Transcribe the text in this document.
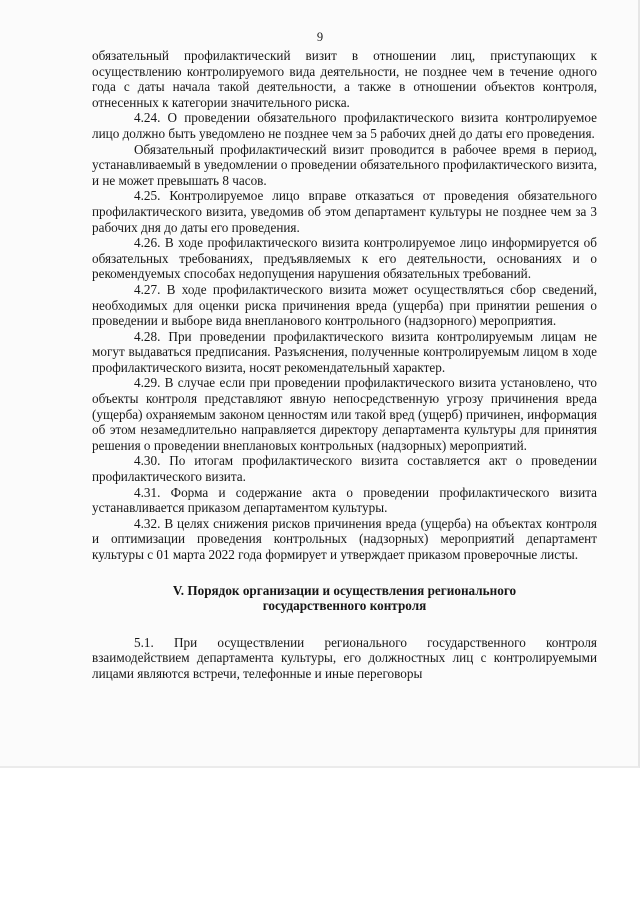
9

обязательный профилактический визит в отношении лиц, приступающих к осуществлению контролируемого вида деятельности, не позднее чем в течение одного года с даты начала такой деятельности, а также в отношении объектов контроля, отнесенных к категории значительного риска.

4.24. О проведении обязательного профилактического визита контролируемое лицо должно быть уведомлено не позднее чем за 5 рабочих дней до даты его проведения.

Обязательный профилактический визит проводится в рабочее время в период, устанавливаемый в уведомлении о проведении обязательного профилактического визита, и не может превышать 8 часов.

4.25. Контролируемое лицо вправе отказаться от проведения обязательного профилактического визита, уведомив об этом департамент культуры не позднее чем за 3 рабочих дня до даты его проведения.

4.26. В ходе профилактического визита контролируемое лицо информируется об обязательных требованиях, предъявляемых к его деятельности, основаниях и о рекомендуемых способах недопущения нарушения обязательных требований.

4.27. В ходе профилактического визита может осуществляться сбор сведений, необходимых для оценки риска причинения вреда (ущерба) при принятии решения о проведении и выборе вида внепланового контрольного (надзорного) мероприятия.

4.28. При проведении профилактического визита контролируемым лицам не могут выдаваться предписания. Разъяснения, полученные контролируемым лицом в ходе профилактического визита, носят рекомендательный характер.

4.29. В случае если при проведении профилактического визита установлено, что объекты контроля представляют явную непосредственную угрозу причинения вреда (ущерба) охраняемым законом ценностям или такой вред (ущерб) причинен, информация об этом незамедлительно направляется директору департамента культуры для принятия решения о проведении внеплановых контрольных (надзорных) мероприятий.

4.30. По итогам профилактического визита составляется акт о проведении профилактического визита.

4.31. Форма и содержание акта о проведении профилактического визита устанавливается приказом департаментом культуры.

4.32. В целях снижения рисков причинения вреда (ущерба) на объектах контроля и оптимизации проведения контрольных (надзорных) мероприятий департамент культуры с 01 марта 2022 года формирует и утверждает приказом проверочные листы.

V. Порядок организации и осуществления регионального
государственного контроля

5.1. При осуществлении регионального государственного контроля взаимодействием департамента культуры, его должностных лиц с контролируемыми лицами являются встречи, телефонные и иные переговоры
